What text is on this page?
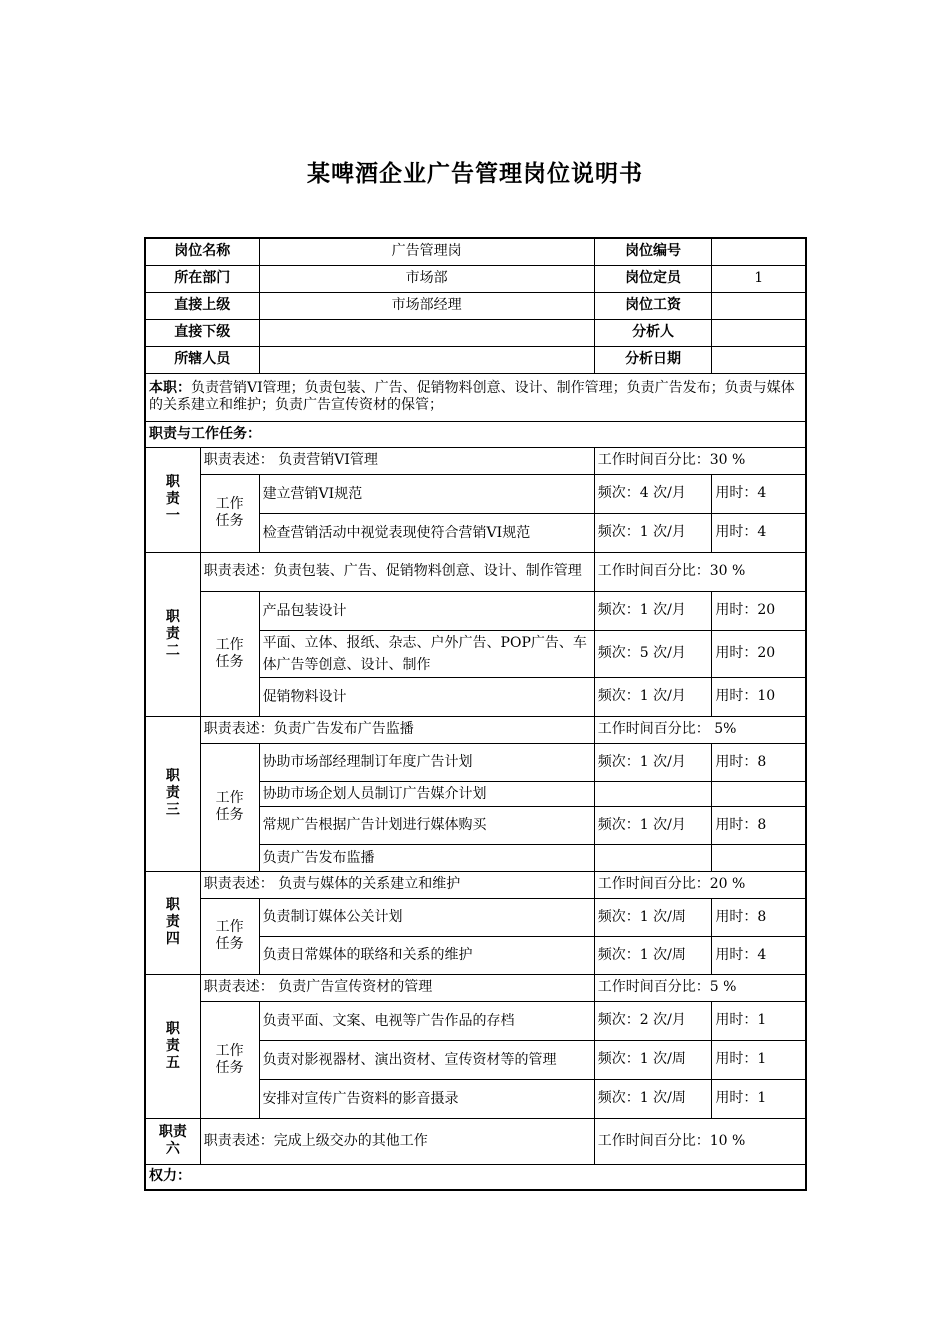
某啤酒企业广告管理岗位说明书
岗位名称		广告管理岗	岗位编号	
所在部门		市场部	岗位定员	1
直接上级		市场部经理	岗位工资	
直接下级			分析人	
所辖人员			分析日期	
本职：负责营销VI管理；负责包装、广告、促销物料创意、设计、制作管理；负责广告发布；负责与媒体的关系建立和维护；负责广告宣传资材的保管；				
职责与工作任务：				
职
责
一	职责表述： 负责营销VI管理		工作时间百分比：30 %	
	工作
任务	建立营销VI规范	频次：4 次/月	用时：4
		检查营销活动中视觉表现使符合营销VI规范	频次：1 次/月	用时：4
职
责
二	职责表述：负责包装、广告、促销物料创意、设计、制作管理		工作时间百分比：30 %	
	工作
任务	产品包装设计	频次：1 次/月	用时：20
		平面、立体、报纸、杂志、户外广告、POP广告、车体广告等创意、设计、制作	频次：5 次/月	用时：20
		促销物料设计	频次：1 次/月	用时：10
职
责
三	职责表述：负责广告发布广告监播		工作时间百分比： 5%	
	工作
任务	协助市场部经理制订年度广告计划	频次：1 次/月	用时：8
		协助市场企划人员制订广告媒介计划		
		常规广告根据广告计划进行媒体购买	频次：1 次/月	用时：8
		负责广告发布监播		
职
责
四	职责表述： 负责与媒体的关系建立和维护		工作时间百分比：20 %	
	工作
任务	负责制订媒体公关计划	频次：1 次/周	用时：8
		负责日常媒体的联络和关系的维护	频次：1 次/周	用时：4
职
责
五	职责表述： 负责广告宣传资材的管理		工作时间百分比：5 %	
	工作
任务	负责平面、文案、电视等广告作品的存档	频次：2 次/月	用时：1
		负责对影视器材、演出资材、宣传资材等的管理	频次：1 次/周	用时：1
		安排对宣传广告资料的影音摄录	频次：1 次/周	用时：1
职责
六	职责表述：完成上级交办的其他工作		工作时间百分比：10 %	
权力：				
